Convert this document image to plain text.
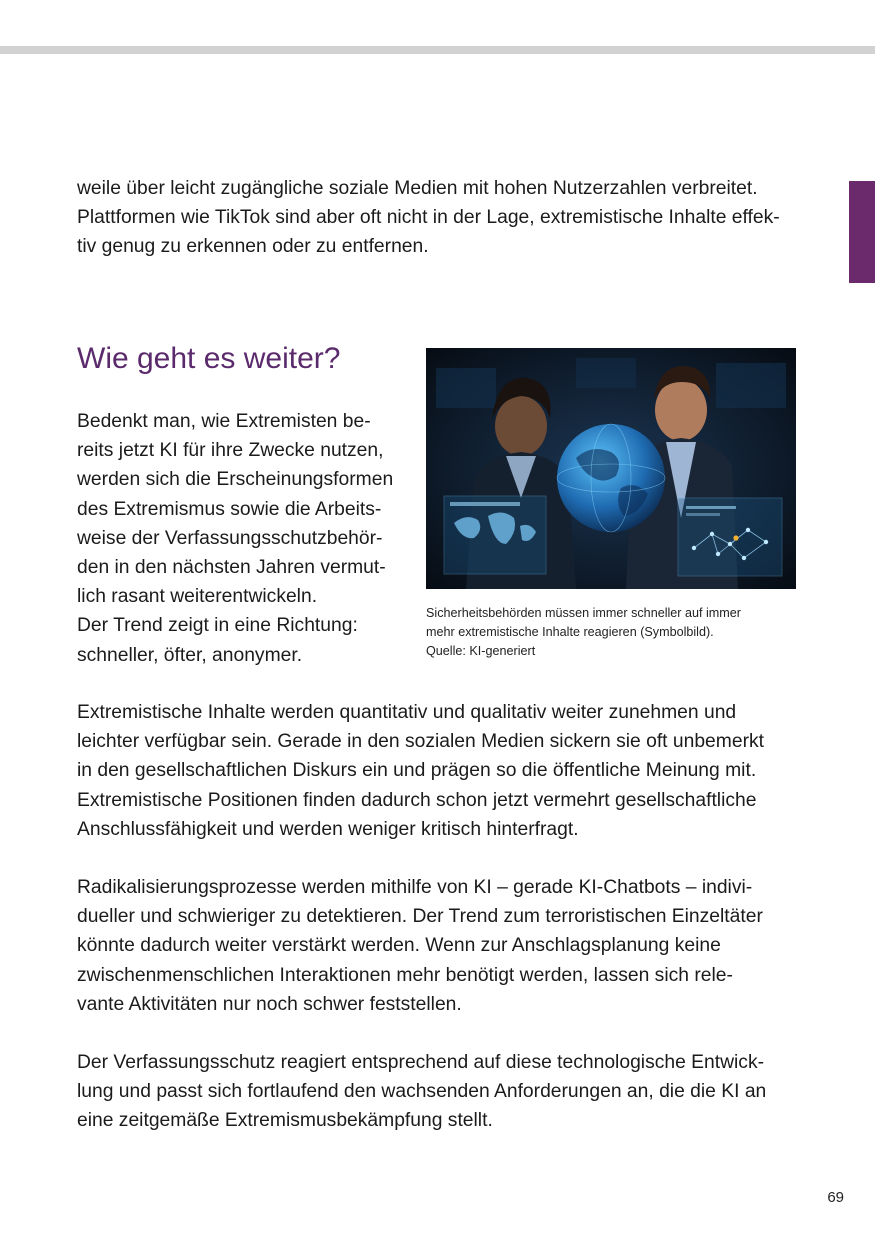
weile über leicht zugängliche soziale Medien mit hohen Nutzerzahlen verbreitet.
Plattformen wie TikTok sind aber oft nicht in der Lage, extremistische Inhalte effek-
tiv genug zu erkennen oder zu entfernen.

Wie geht es weiter?

Bedenkt man, wie Extremisten be-
reits jetzt KI für ihre Zwecke nutzen,
werden sich die Erscheinungsformen
des Extremismus sowie die Arbeits-
weise der Verfassungsschutzbehör-
den in den nächsten Jahren vermut-
lich rasant weiterentwickeln.
Der Trend zeigt in eine Richtung:
schneller, öfter, anonymer.

Sicherheitsbehörden müssen immer schneller auf immer
mehr extremistische Inhalte reagieren (Symbolbild).
Quelle: KI-generiert

Extremistische Inhalte werden quantitativ und qualitativ weiter zunehmen und
leichter verfügbar sein. Gerade in den sozialen Medien sickern sie oft unbemerkt
in den gesellschaftlichen Diskurs ein und prägen so die öffentliche Meinung mit.
Extremistische Positionen finden dadurch schon jetzt vermehrt gesellschaftliche
Anschlussfähigkeit und werden weniger kritisch hinterfragt.

Radikalisierungsprozesse werden mithilfe von KI – gerade KI-Chatbots – indivi-
dueller und schwieriger zu detektieren. Der Trend zum terroristischen Einzeltäter
könnte dadurch weiter verstärkt werden. Wenn zur Anschlagsplanung keine
zwischenmenschlichen Interaktionen mehr benötigt werden, lassen sich rele-
vante Aktivitäten nur noch schwer feststellen.

Der Verfassungsschutz reagiert entsprechend auf diese technologische Entwick-
lung und passt sich fortlaufend den wachsenden Anforderungen an, die die KI an
eine zeitgemäße Extremismusbekämpfung stellt.

69
